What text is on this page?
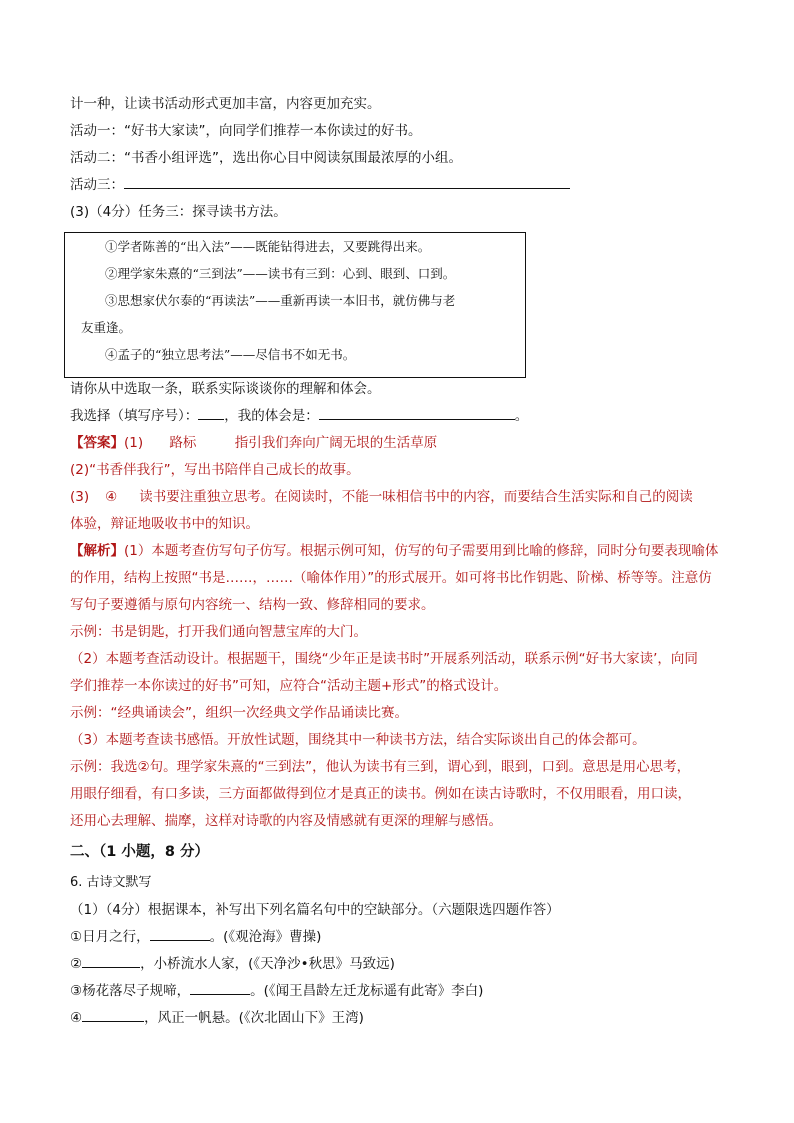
计一种，让读书活动形式更加丰富，内容更加充实。
活动一：“好书大家读”，向同学们推荐一本你读过的好书。
活动二：“书香小组评选”，选出你心目中阅读氛围最浓厚的小组。
活动三：
(3)（4分）任务三：探寻读书方法。
①学者陈善的“出入法”——既能钻得进去，又要跳得出来。
②理学家朱熹的“三到法”——读书有三到：心到、眼到、口到。
③思想家伏尔泰的“再读法”——重新再读一本旧书，就仿佛与老
友重逢。
④孟子的“独立思考法”——尽信书不如无书。
请你从中选取一条，联系实际谈谈你的理解和体会。
我选择（填写序号）： ，我的体会是：	。
【答案】(1) 路标	指引我们奔向广阔无垠的生活草原
(2)“书香伴我行”，写出书陪伴自己成长的故事。
(3) ④ 读书要注重独立思考。在阅读时，不能一味相信书中的内容，而要结合生活实际和自己的阅读
体验，辩证地吸收书中的知识。
【解析】(1）本题考查仿写句子仿写。根据示例可知，仿写的句子需要用到比喻的修辞，同时分句要表现喻体
的作用，结构上按照“书是……，……（喻体作用）”的形式展开。如可将书比作钥匙、阶梯、桥等等。注意仿
写句子要遵循与原句内容统一、结构一致、修辞相同的要求。
示例：书是钥匙，打开我们通向智慧宝库的大门。
（2）本题考查活动设计。根据题干，围绕“少年正是读书时”开展系列活动，联系示例“好书大家读’，向同
学们推荐一本你读过的好书”可知，应符合“活动主题+形式”的格式设计。
示例：“经典诵读会”，组织一次经典文学作品诵读比赛。
（3）本题考查读书感悟。开放性试题，围绕其中一种读书方法，结合实际谈出自己的体会都可。
示例：我选②句。理学家朱熹的“三到法”，他认为读书有三到，谓心到，眼到，口到。意思是用心思考，
用眼仔细看，有口多读，三方面都做得到位才是真正的读书。例如在读古诗歌时，不仅用眼看，用口读，
还用心去理解、揣摩，这样对诗歌的内容及情感就有更深的理解与感悟。
二、（1 小题，8 分）
6. 古诗文默写
（1）（4分）根据课本，补写出下列名篇名句中的空缺部分。（六题限选四题作答）
①日月之行，	。(《观沧海》曹操)
②	，小桥流水人家，(《天净沙•秋思》马致远)
③杨花落尽子规啼，	。(《闻王昌龄左迁龙标遥有此寄》李白)
④	，风正一帆悬。(《次北固山下》王湾)
